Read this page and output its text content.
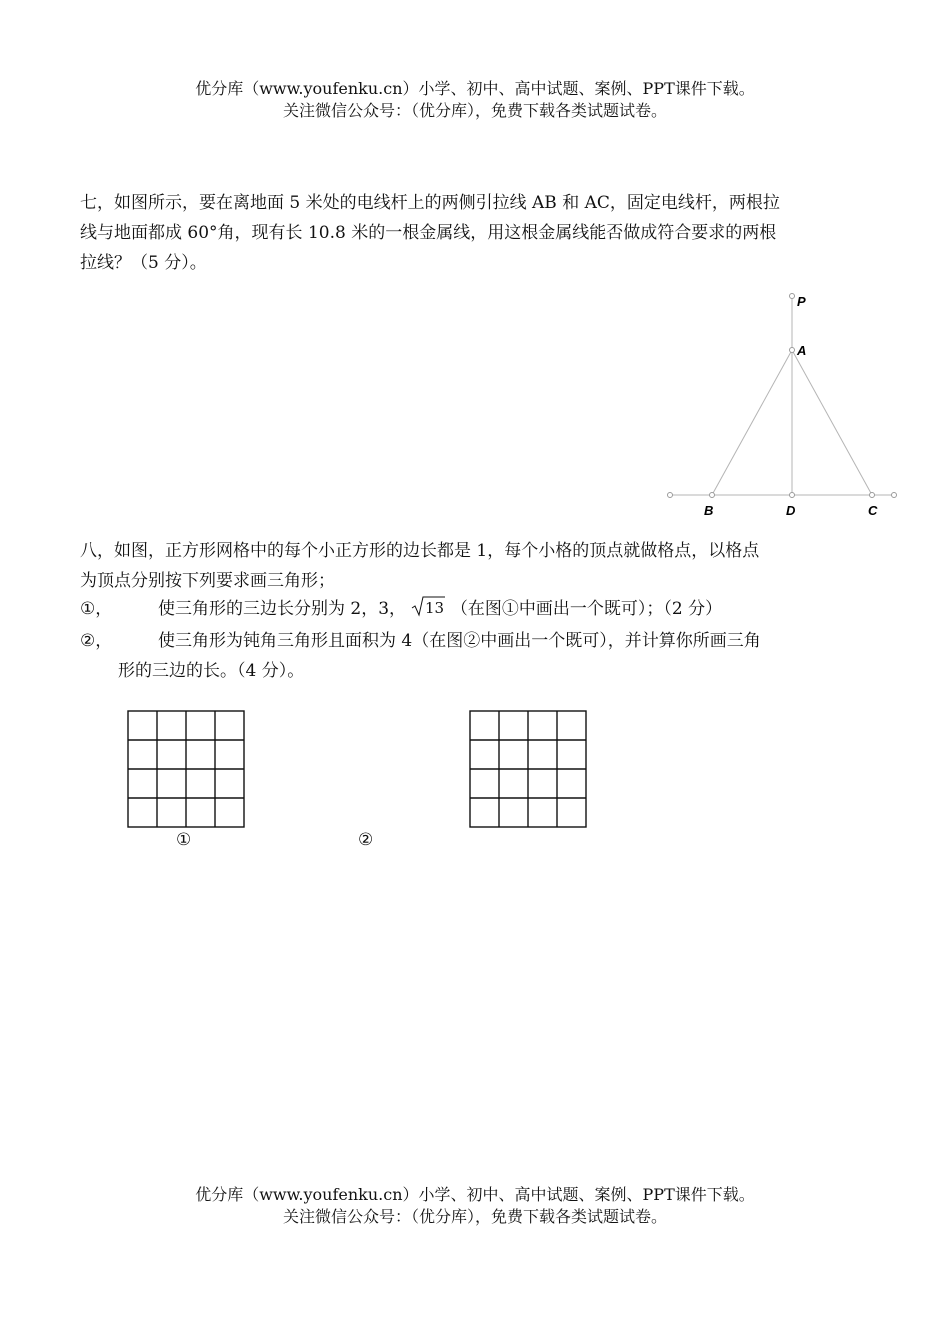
优分库（www.youfenku.cn）小学、初中、高中试题、案例、PPT课件下载。
关注微信公众号：（优分库），免费下载各类试题试卷。
七，如图所示，要在离地面 5 米处的电线杆上的两侧引拉线 AB 和 AC，固定电线杆，两根拉
线与地面都成 60°角，现有长 10.8 米的一根金属线，用这根金属线能否做成符合要求的两根
拉线？（5 分）。
P
A
B	D	C
八，如图，正方形网格中的每个小正方形的边长都是 1，每个小格的顶点就做格点，以格点
为顶点分别按下列要求画三角形；
①，	使三角形的三边长分别为 2，3， 13 （在图①中画出一个既可）；（2 分）
②，	使三角形为钝角三角形且面积为 4（在图②中画出一个既可），并计算你所画三角
形的三边的长。（4 分）。
①	②
优分库（www.youfenku.cn）小学、初中、高中试题、案例、PPT课件下载。
关注微信公众号：（优分库），免费下载各类试题试卷。
